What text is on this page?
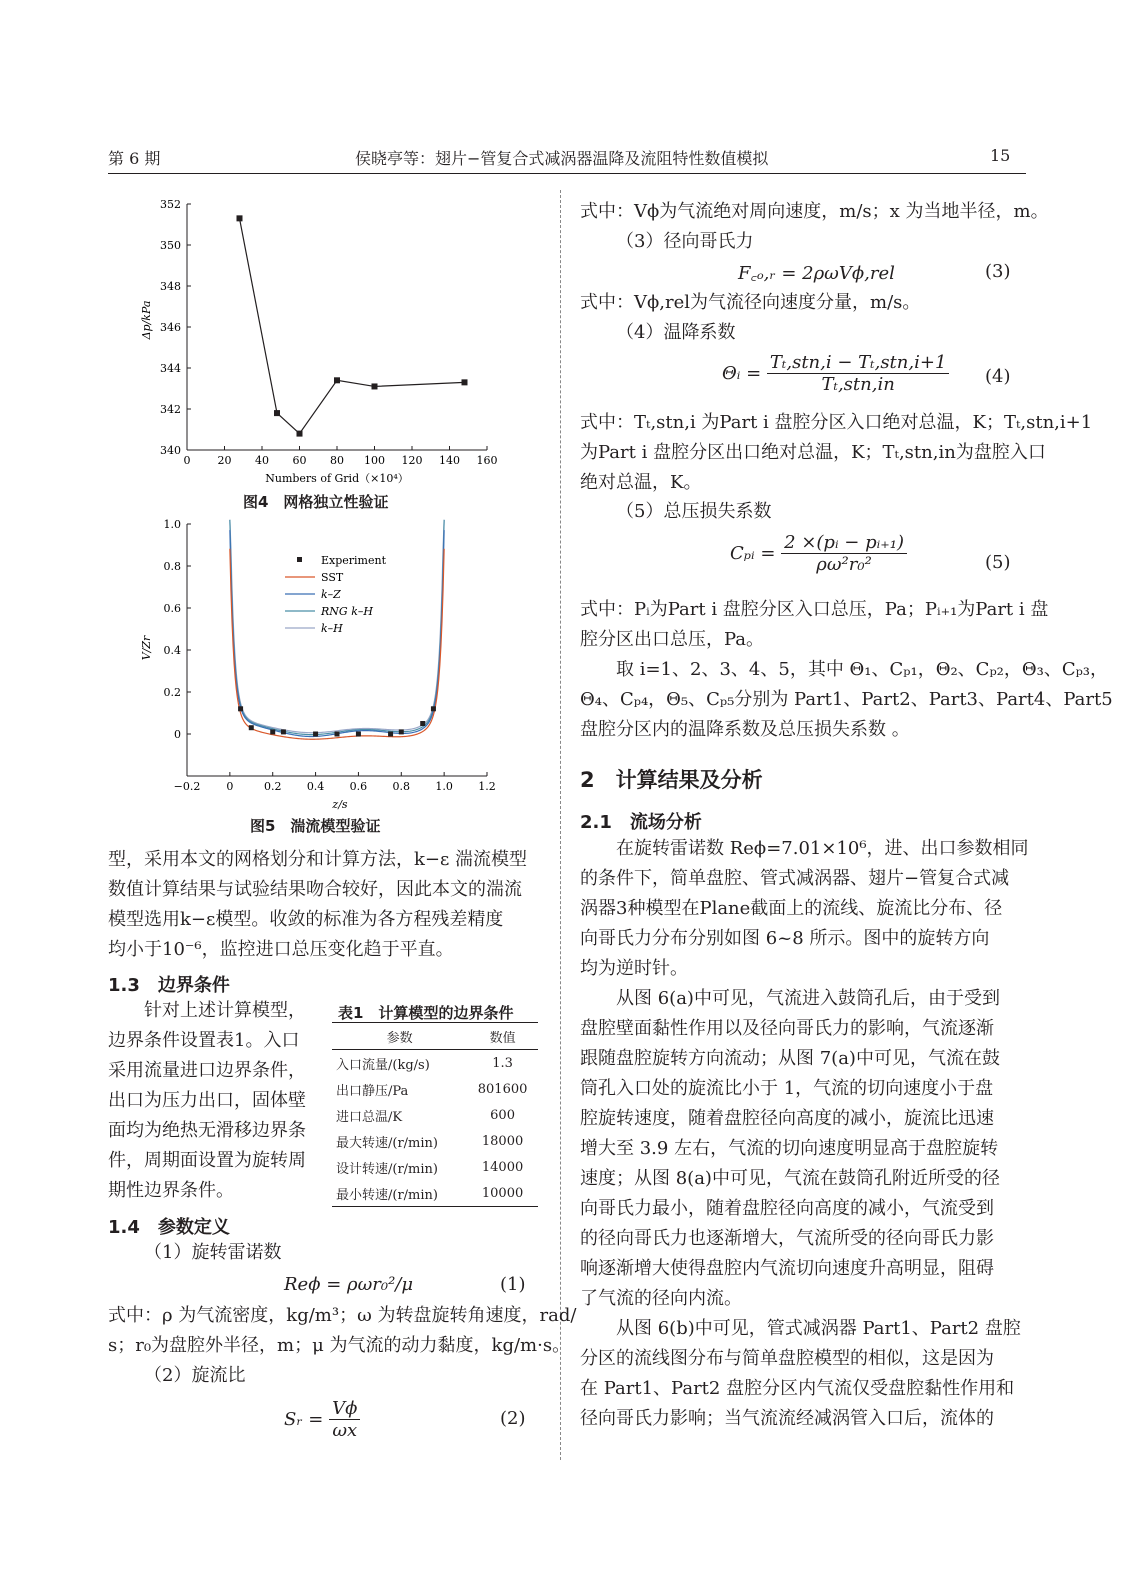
第 6 期	侯晓亭等：翅片−管复合式减涡器温降及流阻特性数值模拟	15
0 20 40 60 80 100 120 140 160
352
350
348
346
344
342
340
Δp/kPa
Numbers of Grid（×10⁴）
图4　网格独立性验证
−0.2 0	0.2 0.4 0.6 0.8 1.0 1.2
1.0
0.8
0.6
0.4
0.2
0
Experiment
SST
k–Z
RNG k–H
k–H
V/Zr
z/s
图5　湍流模型验证
型，采用本文的网格划分和计算方法，k−ε 湍流模型
数值计算结果与试验结果吻合较好，因此本文的湍流
模型选用k−ε模型。收敛的标准为各方程残差精度
均小于10⁻⁶，监控进口总压变化趋于平直。
1.3　边界条件
针对上述计算模型，
边界条件设置表1。入口
采用流量进口边界条件，
出口为压力出口，固体壁
面均为绝热无滑移边界条
件，周期面设置为旋转周
期性边界条件。
表1　计算模型的边界条件
参数	数值
入口流量/(kg/s)	1.3
出口静压/Pa	801600
进口总温/K	600
最大转速/(r/min)	18000
设计转速/(r/min)	14000
最小转速/(r/min)	10000
1.4　参数定义
（1）旋转雷诺数
Reϕ = ρωr₀²/μ	(1)
式中：ρ 为气流密度，kg/m³；ω 为转盘旋转角速度，rad/
s；r₀为盘腔外半径，m；μ 为气流的动力黏度，kg/m·s。
（2）旋流比
Sᵣ = $\frac{V\phi}{\omega x}$	(2)
式中：Vϕ为气流绝对周向速度，m/s；x 为当地半径，m。
（3）径向哥氏力
F꜀ₒ,ᵣ = 2ρωVϕ,rel	(3)
式中：Vϕ,rel为气流径向速度分量，m/s。
（4）温降系数
Θᵢ = $\frac{\text{Tₜ,stn,i − Tₜ,stn,i+1}}{\text{Tₜ,stn,in}} (4)$
式中：Tₜ,stn,i 为Part i 盘腔分区入口绝对总温，K；Tₜ,stn,i+1
为Part i 盘腔分区出口绝对总温，K；Tₜ,stn,in为盘腔入口
绝对总温，K。
（5）总压损失系数
Cₚᵢ = $\frac{\text{2 ×(pᵢ − pᵢ₊₁)}}{\text{ρω²r₀²}}$	(5)
式中：Pᵢ为Part i 盘腔分区入口总压，Pa；Pᵢ₊₁为Part i 盘
腔分区出口总压，Pa。
取 i=1、2、3、4、5，其中 Θ₁、Cₚ₁，Θ₂、Cₚ₂，Θ₃、Cₚ₃，
Θ₄、Cₚ₄，Θ₅、Cₚ₅分别为 Part1、Part2、Part3、Part4、Part5
盘腔分区内的温降系数及总压损失系数 。
2　计算结果及分析
2.1　流场分析
在旋转雷诺数 Reϕ=7.01×10⁶，进、出口参数相同
的条件下，简单盘腔、管式减涡器、翅片−管复合式减
涡器3种模型在Plane截面上的流线、旋流比分布、径
向哥氏力分布分别如图 6~8 所示。图中的旋转方向
均为逆时针。
从图 6(a)中可见，气流进入鼓筒孔后，由于受到
盘腔壁面黏性作用以及径向哥氏力的影响，气流逐渐
跟随盘腔旋转方向流动；从图 7(a)中可见，气流在鼓
筒孔入口处的旋流比小于 1，气流的切向速度小于盘
腔旋转速度，随着盘腔径向高度的减小，旋流比迅速
增大至 3.9 左右，气流的切向速度明显高于盘腔旋转
速度；从图 8(a)中可见，气流在鼓筒孔附近所受的径
向哥氏力最小，随着盘腔径向高度的减小，气流受到
的径向哥氏力也逐渐增大，气流所受的径向哥氏力影
响逐渐增大使得盘腔内气流切向速度升高明显，阻碍
了气流的径向内流。
从图 6(b)中可见，管式减涡器 Part1、Part2 盘腔
分区的流线图分布与简单盘腔模型的相似，这是因为
在 Part1、Part2 盘腔分区内气流仅受盘腔黏性作用和
径向哥氏力影响；当气流流经减涡管入口后，流体的
